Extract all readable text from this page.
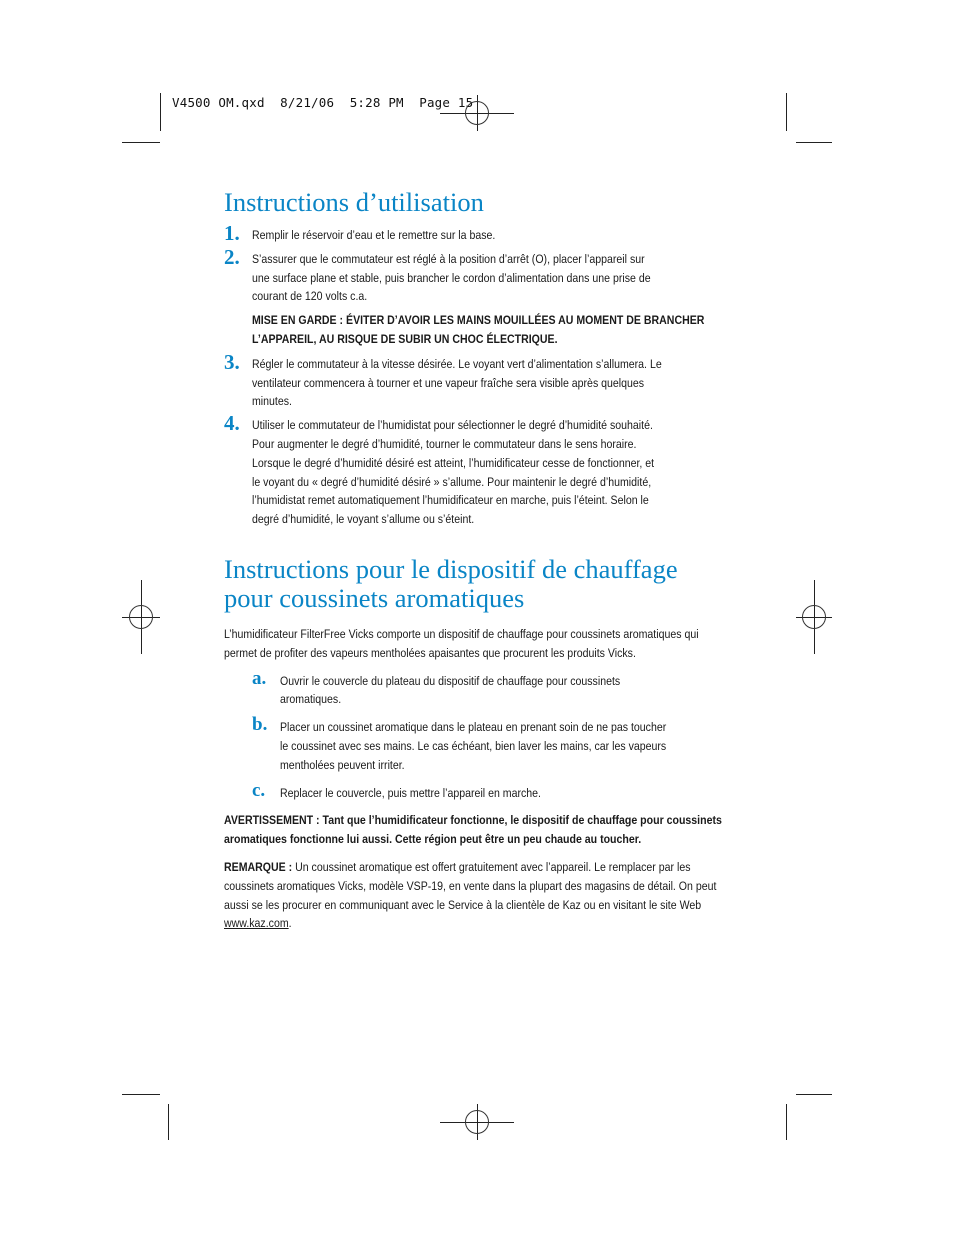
V4500 OM.qxd  8/21/06  5:28 PM  Page 15
Instructions d’utilisation
1. Remplir le réservoir d’eau et le remettre sur la base.
2. S’assurer que le commutateur est réglé à la position d’arrêt (O), placer l’appareil sur une surface plane et stable, puis brancher le cordon d’alimentation dans une prise de courant de 120 volts c.a.
MISE EN GARDE : ÉVITER D’AVOIR LES MAINS MOUILLÉES AU MOMENT DE BRANCHER L’APPAREIL, AU RISQUE DE SUBIR UN CHOC ÉLECTRIQUE.
3. Régler le commutateur à la vitesse désirée. Le voyant vert d’alimentation s’allumera. Le ventilateur commencera à tourner et une vapeur fraîche sera visible après quelques minutes.
4. Utiliser le commutateur de l’humidistat pour sélectionner le degré d’humidité souhaité. Pour augmenter le degré d’humidité, tourner le commutateur dans le sens horaire. Lorsque le degré d’humidité désiré est atteint, l’humidificateur cesse de fonctionner, et le voyant du « degré d’humidité désiré » s’allume. Pour maintenir le degré d’humidité, l’humidistat remet automatiquement l’humidificateur en marche, puis l’éteint. Selon le degré d’humidité, le voyant s’allume ou s’éteint.
Instructions pour le dispositif de chauffage
pour coussinets aromatiques
L’humidificateur FilterFree Vicks comporte un dispositif de chauffage pour coussinets aromatiques qui permet de profiter des vapeurs mentholées apaisantes que procurent les produits Vicks.
a.	Ouvrir le couvercle du plateau du dispositif de chauffage pour coussinets aromatiques.
b.	Placer un coussinet aromatique dans le plateau en prenant soin de ne pas toucher le coussinet avec ses mains. Le cas échéant, bien laver les mains, car les vapeurs mentholées peuvent irriter.
c.	Replacer le couvercle, puis mettre l’appareil en marche.
AVERTISSEMENT : Tant que l’humidificateur fonctionne, le dispositif de chauffage pour coussinets aromatiques fonctionne lui aussi. Cette région peut être un peu chaude au toucher.
REMARQUE : Un coussinet aromatique est offert gratuitement avec l’appareil. Le remplacer par les coussinets aromatiques Vicks, modèle VSP-19, en vente dans la plupart des magasins de détail. On peut aussi se les procurer en communiquant avec le Service à la clientèle de Kaz ou en visitant le site Web www.kaz.com.
